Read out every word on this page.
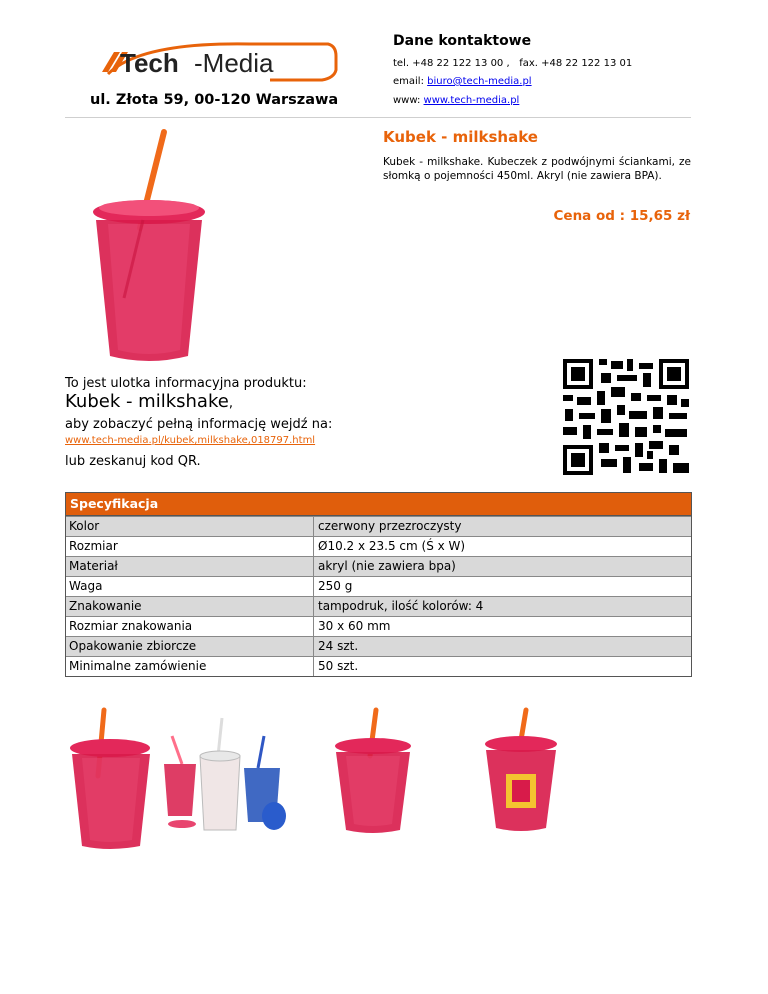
Tech -Media
ul. Złota 59, 00-120 Warszawa
Dane kontaktowe
tel. +48 22 122 13 00 , fax. +48 22 122 13 01
email: biuro@tech-media.pl
www: www.tech-media.pl
Kubek - milkshake
Kubek - milkshake. Kubeczek z podwójnymi ściankami, ze słomką o pojemności 450ml. Akryl (nie zawiera BPA).
Cena od : 15,65 zł
To jest ulotka informacyjna produktu:
Kubek - milkshake,
aby zobaczyć pełną informację wejdź na:
www.tech-media.pl/kubek,milkshake,018797.html
lub zeskanuj kod QR.
Specyfikacja
Kolor	czerwony przezroczysty
Rozmiar	Ø10.2 x 23.5 cm (Ś x W)
Materiał	akryl (nie zawiera bpa)
Waga	250 g
Znakowanie	tampodruk, ilość kolorów: 4
Rozmiar znakowania	30 x 60 mm
Opakowanie zbiorcze	24 szt.
Minimalne zamówienie	50 szt.
